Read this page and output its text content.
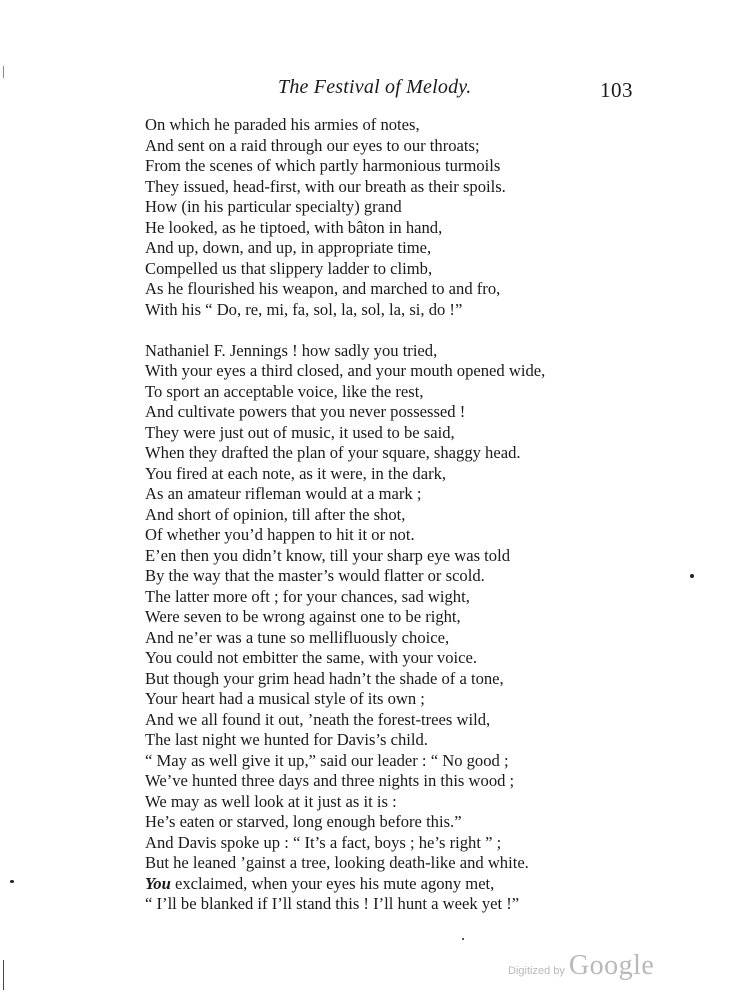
The Festival of Melody.	103
On which he paraded his armies of notes,
And sent on a raid through our eyes to our throats;
From the scenes of which partly harmonious turmoils
They issued, head-first, with our breath as their spoils.
How (in his particular specialty) grand
He looked, as he tiptoed, with bâton in hand,
And up, down, and up, in appropriate time,
Compelled us that slippery ladder to climb,
As he flourished his weapon, and marched to and fro,
With his “ Do, re, mi, fa, sol, la, sol, la, si, do !”
Nathaniel F. Jennings ! how sadly you tried,
With your eyes a third closed, and your mouth opened wide,
To sport an acceptable voice, like the rest,
And cultivate powers that you never possessed !
They were just out of music, it used to be said,
When they drafted the plan of your square, shaggy head.
You fired at each note, as it were, in the dark,
As an amateur rifleman would at a mark ;
And short of opinion, till after the shot,
Of whether you’d happen to hit it or not.
E’en then you didn’t know, till your sharp eye was told
By the way that the master’s would flatter or scold.
The latter more oft ; for your chances, sad wight,
Were seven to be wrong against one to be right,
And ne’er was a tune so mellifluously choice,
You could not embitter the same, with your voice.
But though your grim head hadn’t the shade of a tone,
Your heart had a musical style of its own ;
And we all found it out, ’neath the forest-trees wild,
The last night we hunted for Davis’s child.
“ May as well give it up,” said our leader : “ No good ;
We’ve hunted three days and three nights in this wood ;
We may as well look at it just as it is :
He’s eaten or starved, long enough before this.”
And Davis spoke up : “ It’s a fact, boys ; he’s right ” ;
But he leaned ’gainst a tree, looking death-like and white.
You exclaimed, when your eyes his mute agony met,
“ I’ll be blanked if I’ll stand this ! I’ll hunt a week yet !”
Digitized by Google
